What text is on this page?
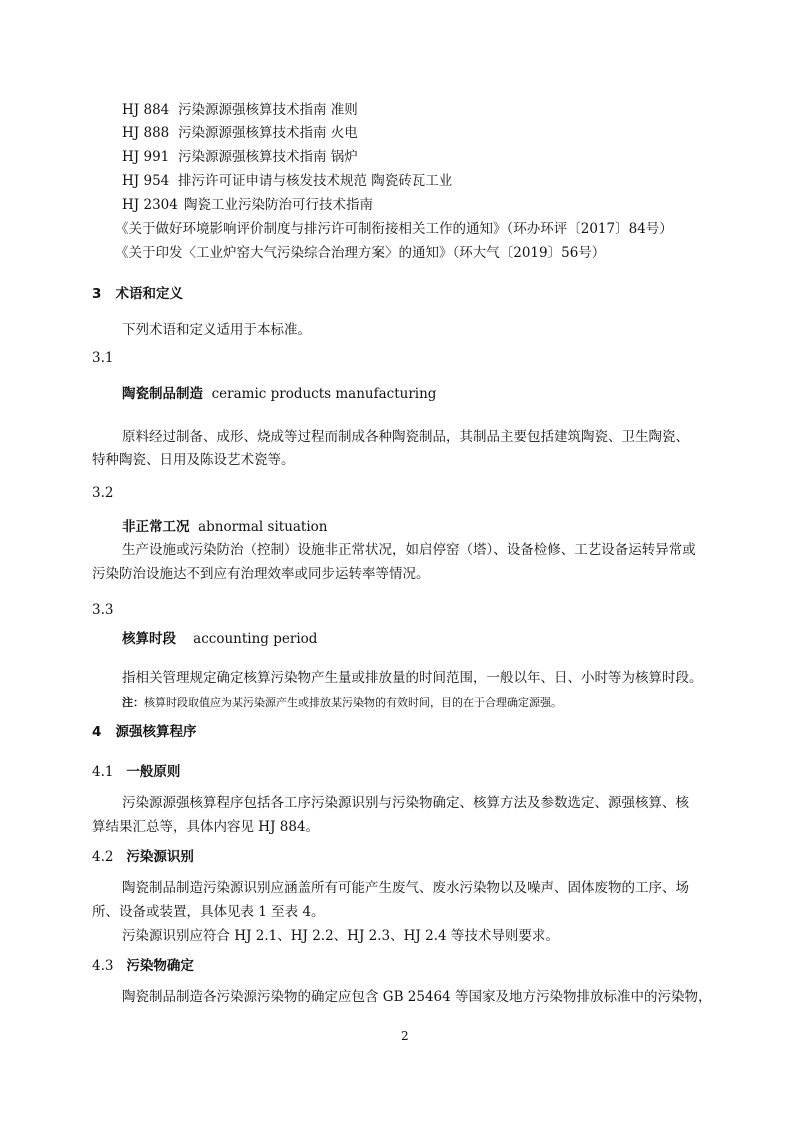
HJ 884 污染源源强核算技术指南 准则
HJ 888 污染源源强核算技术指南 火电
HJ 991 污染源源强核算技术指南 锅炉
HJ 954 排污许可证申请与核发技术规范 陶瓷砖瓦工业
HJ 2304 陶瓷工业污染防治可行技术指南
《关于做好环境影响评价制度与排污许可制衔接相关工作的通知》（环办环评〔2017〕84号）
《关于印发〈工业炉窑大气污染综合治理方案〉的通知》（环大气〔2019〕56号）
3 术语和定义
下列术语和定义适用于本标准。
3.1
陶瓷制品制造 ceramic products manufacturing
原料经过制备、成形、烧成等过程而制成各种陶瓷制品，其制品主要包括建筑陶瓷、卫生陶瓷、
特种陶瓷、日用及陈设艺术瓷等。
3.2
非正常工况 abnormal situation
生产设施或污染防治（控制）设施非正常状况，如启停窑（塔）、设备检修、工艺设备运转异常或
污染防治设施达不到应有治理效率或同步运转率等情况。
3.3
核算时段 accounting period
指相关管理规定确定核算污染物产生量或排放量的时间范围，一般以年、日、小时等为核算时段。
注：核算时段取值应为某污染源产生或排放某污染物的有效时间，目的在于合理确定源强。
4 源强核算程序
4.1 一般原则
污染源源强核算程序包括各工序污染源识别与污染物确定、核算方法及参数选定、源强核算、核
算结果汇总等，具体内容见 HJ 884。
4.2 污染源识别
陶瓷制品制造污染源识别应涵盖所有可能产生废气、废水污染物以及噪声、固体废物的工序、场
所、设备或装置，具体见表 1 至表 4。
污染源识别应符合 HJ 2.1、HJ 2.2、HJ 2.3、HJ 2.4 等技术导则要求。
4.3 污染物确定
陶瓷制品制造各污染源污染物的确定应包含 GB 25464 等国家及地方污染物排放标准中的污染物，
2
